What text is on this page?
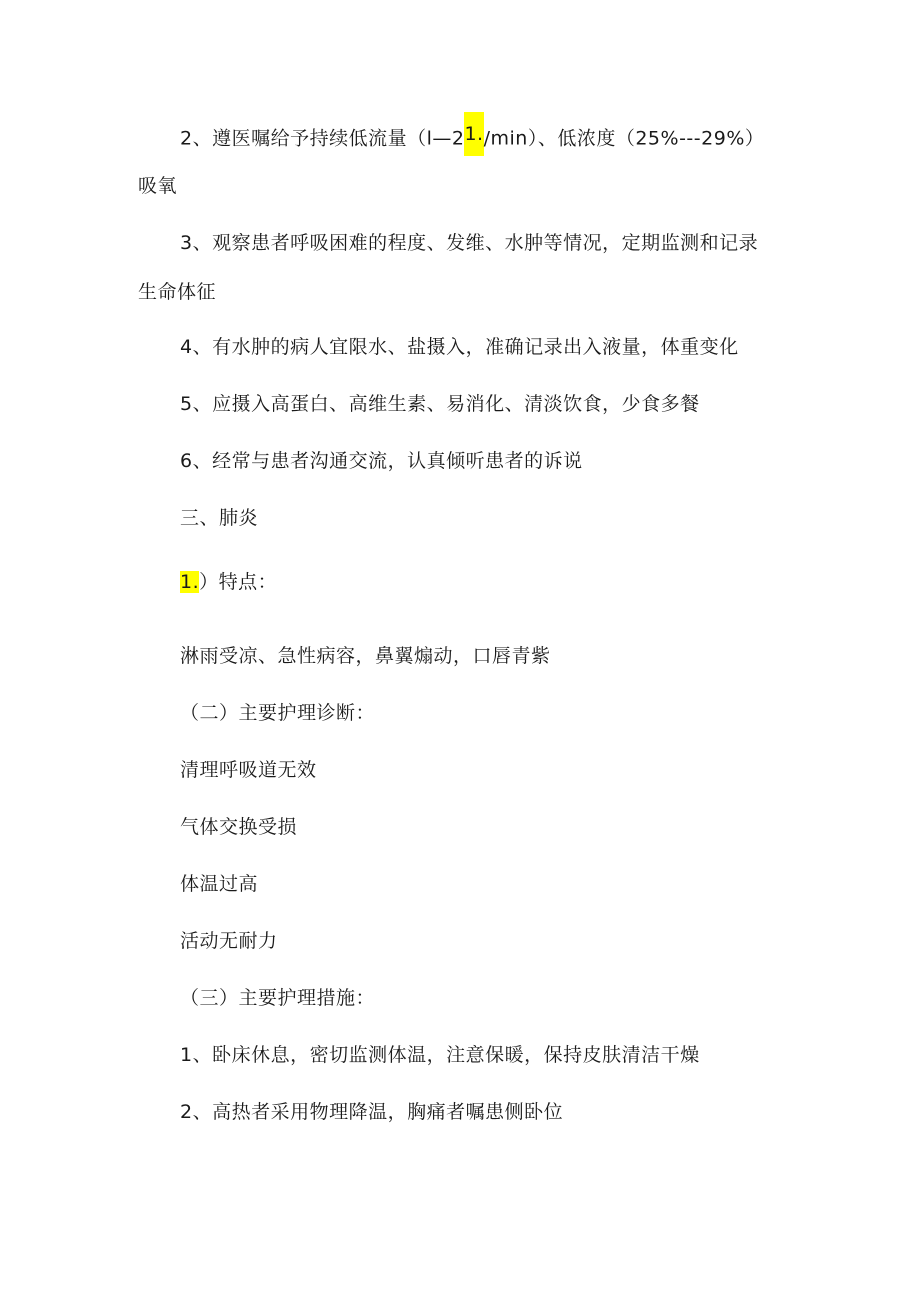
2、遵医嘱给予持续低流量（l—21./min）、低浓度（25%---29%）
吸氧
3、观察患者呼吸困难的程度、发维、水肿等情况，定期监测和记录
生命体征
4、有水肿的病人宜限水、盐摄入，准确记录出入液量，体重变化
5、应摄入高蛋白、高维生素、易消化、清淡饮食，少食多餐
6、经常与患者沟通交流，认真倾听患者的诉说
三、肺炎
1.）特点：
淋雨受凉、急性病容，鼻翼煽动，口唇青紫
（二）主要护理诊断：
清理呼吸道无效
气体交换受损
体温过高
活动无耐力
（三）主要护理措施：
1、卧床休息，密切监测体温，注意保暖，保持皮肤清洁干燥
2、高热者采用物理降温，胸痛者嘱患侧卧位
